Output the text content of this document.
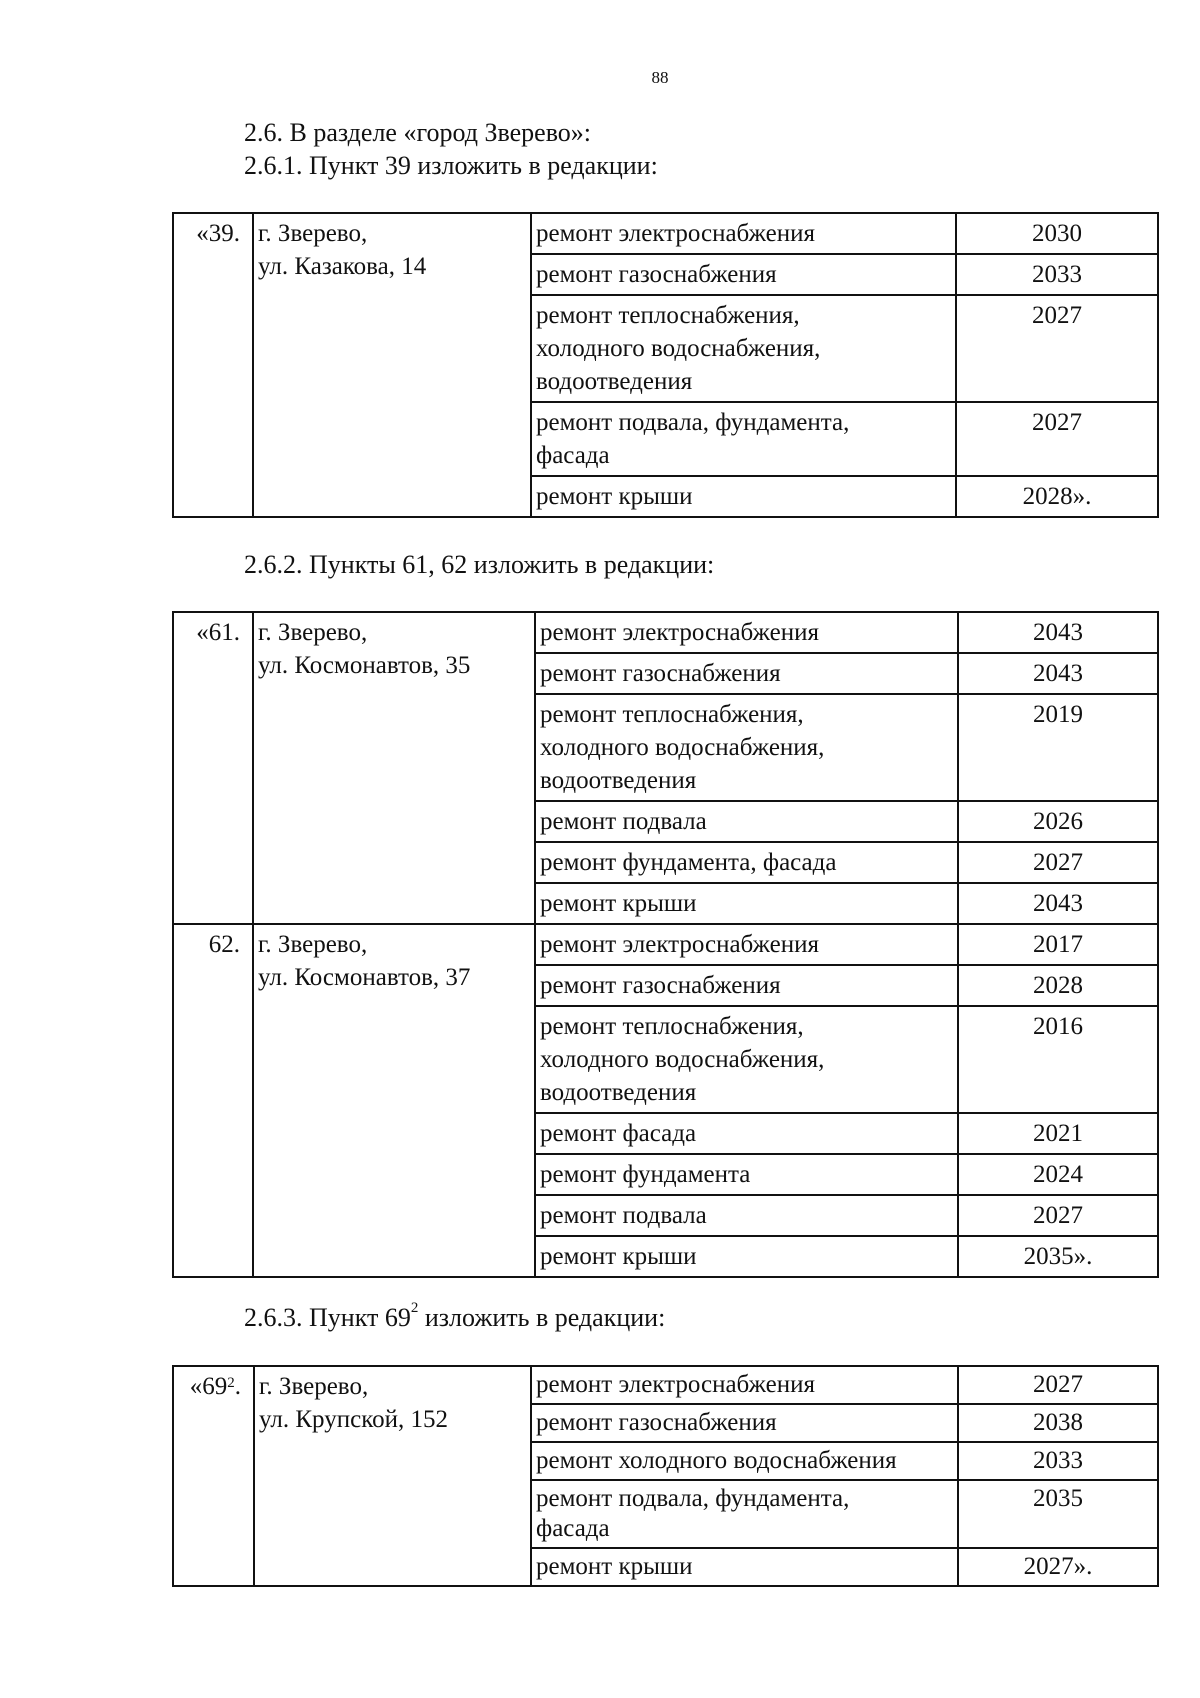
88
2.6. В разделе «город Зверево»:
2.6.1. Пункт 39 изложить в редакции:
«39.	г. Зверево,
ул. Казакова, 14	ремонт электроснабжения	2030

		ремонт газоснабжения	2033

		ремонт теплоснабжения,
холодного водоснабжения,
водоотведения	2027

		ремонт подвала, фундамента,
фасада	2027

		ремонт крыши	2028».
2.6.2. Пункты 61, 62 изложить в редакции:
«61.	г. Зверево,
ул. Космонавтов, 35	ремонт электроснабжения	2043

		ремонт газоснабжения	2043

		ремонт теплоснабжения,
холодного водоснабжения,
водоотведения	2019

		ремонт подвала	2026

		ремонт фундамента, фасада	2027

		ремонт крыши	2043
62.	г. Зверево,
ул. Космонавтов, 37	ремонт электроснабжения	2017

		ремонт газоснабжения	2028

		ремонт теплоснабжения,
холодного водоснабжения,
водоотведения	2016

		ремонт фасада	2021

		ремонт фундамента	2024

		ремонт подвала	2027

		ремонт крыши	2035».
2.6.3. Пункт $69^2$ изложить в редакции:
«$69^2$.	г. Зверево,
ул. Крупской, 152	ремонт электроснабжения	2027

		ремонт газоснабжения	2038

		ремонт холодного водоснабжения	2033

		ремонт подвала, фундамента,
фасада	2035

		ремонт крыши	2027».
